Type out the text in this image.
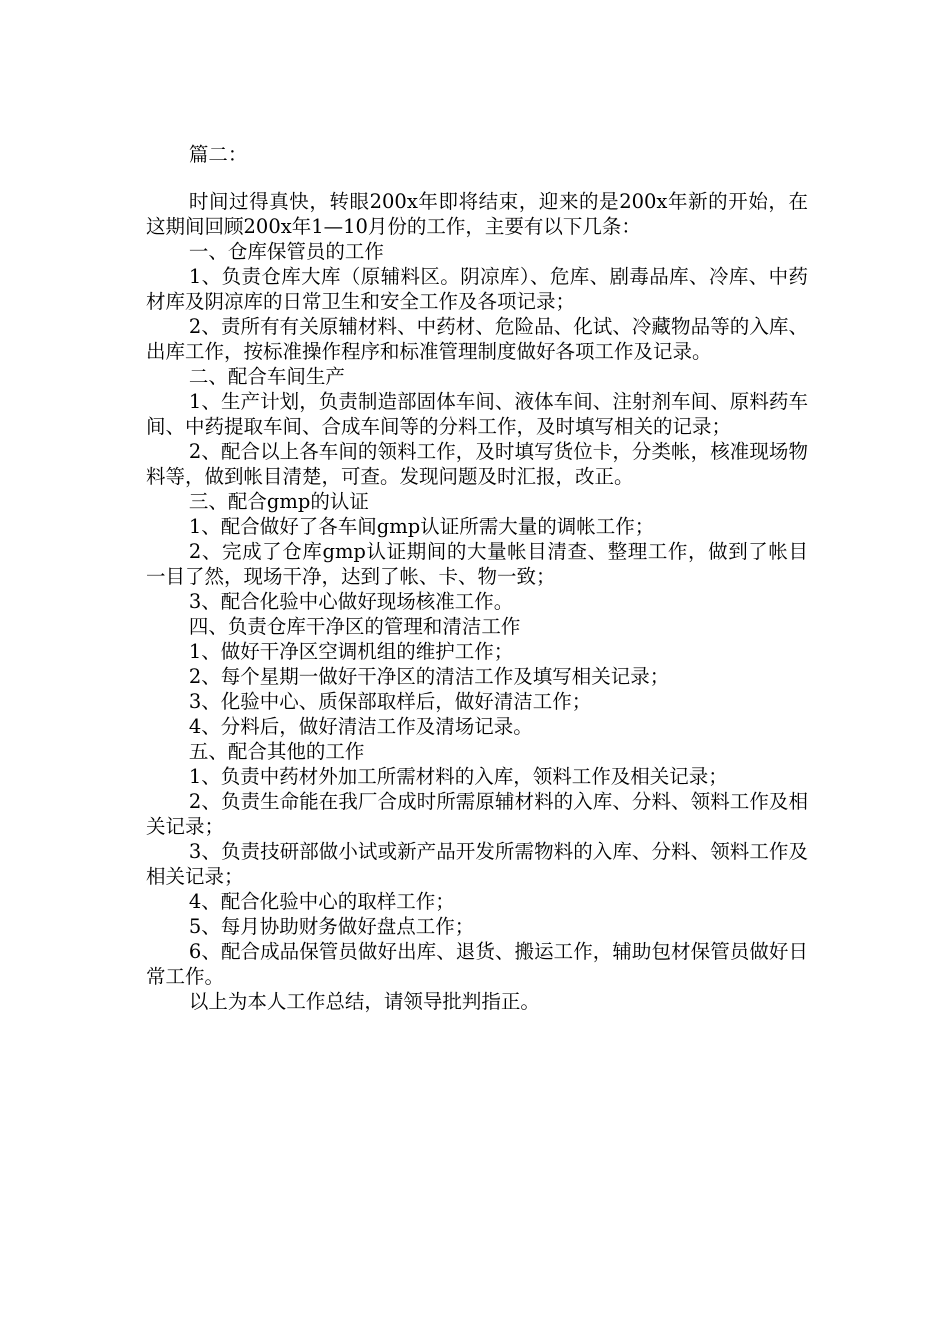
篇二：

时间过得真快，转眼200x年即将结束，迎来的是200x年新的开始，在这期间回顾200x年1—10月份的工作，主要有以下几条：

一、仓库保管员的工作

1、负责仓库大库（原辅料区。阴凉库）、危库、剧毒品库、冷库、中药材库及阴凉库的日常卫生和安全工作及各项记录；

2、责所有有关原辅材料、中药材、危险品、化试、冷藏物品等的入库、出库工作，按标准操作程序和标准管理制度做好各项工作及记录。

二、配合车间生产

1、生产计划，负责制造部固体车间、液体车间、注射剂车间、原料药车间、中药提取车间、合成车间等的分料工作，及时填写相关的记录；

2、配合以上各车间的领料工作，及时填写货位卡，分类帐，核准现场物料等，做到帐目清楚，可查。发现问题及时汇报，改正。

三、配合gmp的认证

1、配合做好了各车间gmp认证所需大量的调帐工作；

2、完成了仓库gmp认证期间的大量帐目清查、整理工作，做到了帐目一目了然，现场干净，达到了帐、卡、物一致；

3、配合化验中心做好现场核准工作。

四、负责仓库干净区的管理和清洁工作

1、做好干净区空调机组的维护工作；

2、每个星期一做好干净区的清洁工作及填写相关记录；

3、化验中心、质保部取样后，做好清洁工作；

4、分料后，做好清洁工作及清场记录。

五、配合其他的工作

1、负责中药材外加工所需材料的入库，领料工作及相关记录；

2、负责生命能在我厂合成时所需原辅材料的入库、分料、领料工作及相关记录；

3、负责技研部做小试或新产品开发所需物料的入库、分料、领料工作及相关记录；

4、配合化验中心的取样工作；

5、每月协助财务做好盘点工作；

6、配合成品保管员做好出库、退货、搬运工作，辅助包材保管员做好日常工作。

以上为本人工作总结，请领导批判指正。
